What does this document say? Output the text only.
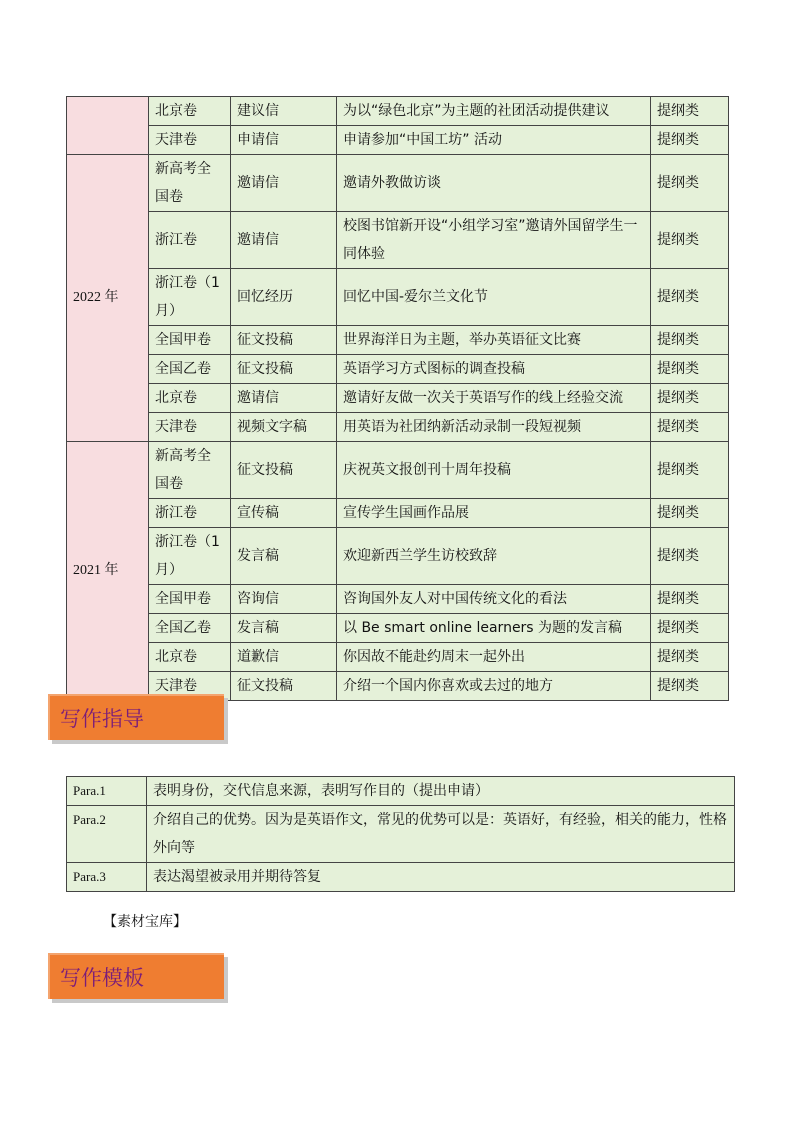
	北京卷	建议信	为以“绿色北京”为主题的社团活动提供建议	提纲类
	天津卷	申请信	申请参加“中国工坊” 活动	提纲类
2022 年	新高考全国卷	邀请信	邀请外教做访谈	提纲类
	浙江卷	邀请信	校图书馆新开设“小组学习室”邀请外国留学生一同体验	提纲类
	浙江卷（1月）	回忆经历	回忆中国-爱尔兰文化节	提纲类
	全国甲卷	征文投稿	世界海洋日为主题，举办英语征文比赛	提纲类
	全国乙卷	征文投稿	英语学习方式图标的调查投稿	提纲类
	北京卷	邀请信	邀请好友做一次关于英语写作的线上经验交流	提纲类
	天津卷	视频文字稿	用英语为社团纳新活动录制一段短视频	提纲类
2021 年	新高考全国卷	征文投稿	庆祝英文报创刊十周年投稿	提纲类
	浙江卷	宣传稿	宣传学生国画作品展	提纲类
	浙江卷（1月）	发言稿	欢迎新西兰学生访校致辞	提纲类
	全国甲卷	咨询信	咨询国外友人对中国传统文化的看法	提纲类
	全国乙卷	发言稿	以 Be smart online learners 为题的发言稿	提纲类
	北京卷	道歉信	你因故不能赴约周末一起外出	提纲类
	天津卷	征文投稿	介绍一个国内你喜欢或去过的地方	提纲类
写作指导
Para.1	表明身份，交代信息来源，表明写作目的（提出申请）
Para.2	介绍自己的优势。因为是英语作文，常见的优势可以是：英语好，有经验，相关的能力，性格外向等
Para.3	表达渴望被录用并期待答复
【素材宝库】
写作模板
